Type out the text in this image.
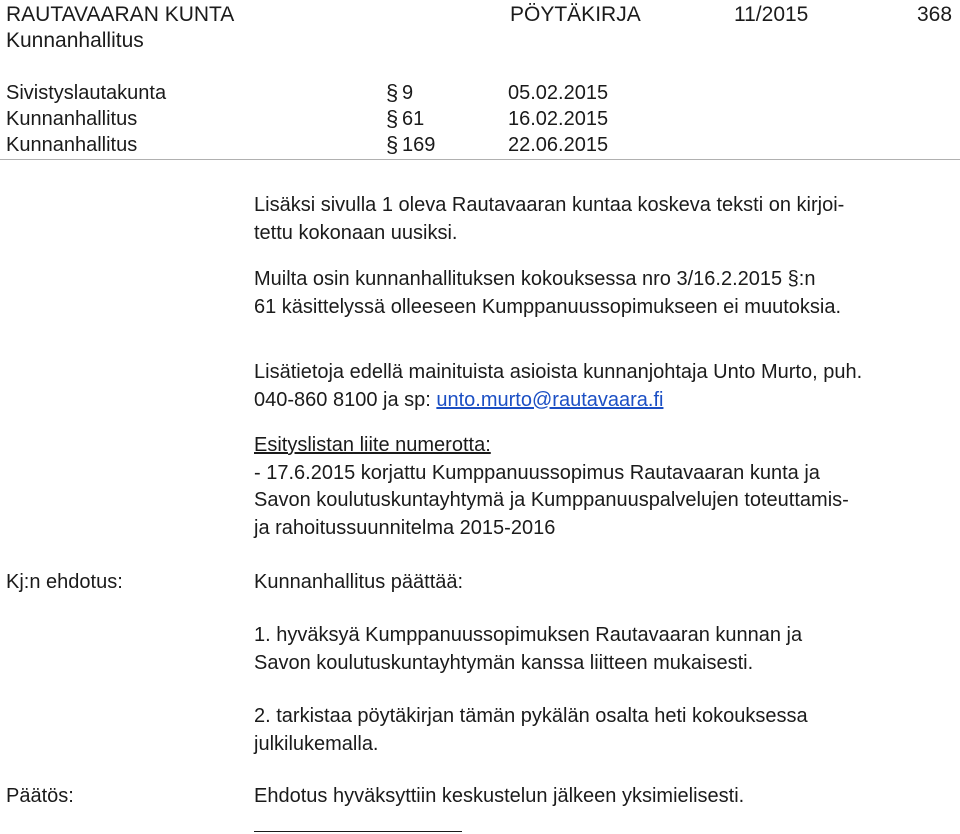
RAUTAVAARAN KUNTA	PÖYTÄKIRJA	11/2015	368
Kunnanhallitus
Sivistyslautakunta	§ 9	05.02.2015
Kunnanhallitus	§ 61	16.02.2015
Kunnanhallitus	§ 169	22.06.2015
Lisäksi sivulla 1 oleva Rautavaaran kuntaa koskeva teksti on kirjoi-
tettu kokonaan uusiksi.
Muilta osin kunnanhallituksen kokouksessa nro 3/16.2.2015 §:n
61 käsittelyssä olleeseen Kumppanuussopimukseen ei muutoksia.
Lisätietoja edellä mainituista asioista kunnanjohtaja Unto Murto, puh.
040-860 8100 ja sp: unto.murto@rautavaara.fi
Esityslistan liite numerotta:
- 17.6.2015 korjattu Kumppanuussopimus Rautavaaran kunta ja
Savon koulutuskuntayhtymä ja Kumppanuuspalvelujen toteuttamis-
ja rahoitussuunnitelma 2015-2016
Kj:n ehdotus:	Kunnanhallitus päättää:
1. hyväksyä Kumppanuussopimuksen Rautavaaran kunnan ja
Savon koulutuskuntayhtymän kanssa liitteen mukaisesti.
2. tarkistaa pöytäkirjan tämän pykälän osalta heti kokouksessa
julkilukemalla.
Päätös:	Ehdotus hyväksyttiin keskustelun jälkeen yksimielisesti.
